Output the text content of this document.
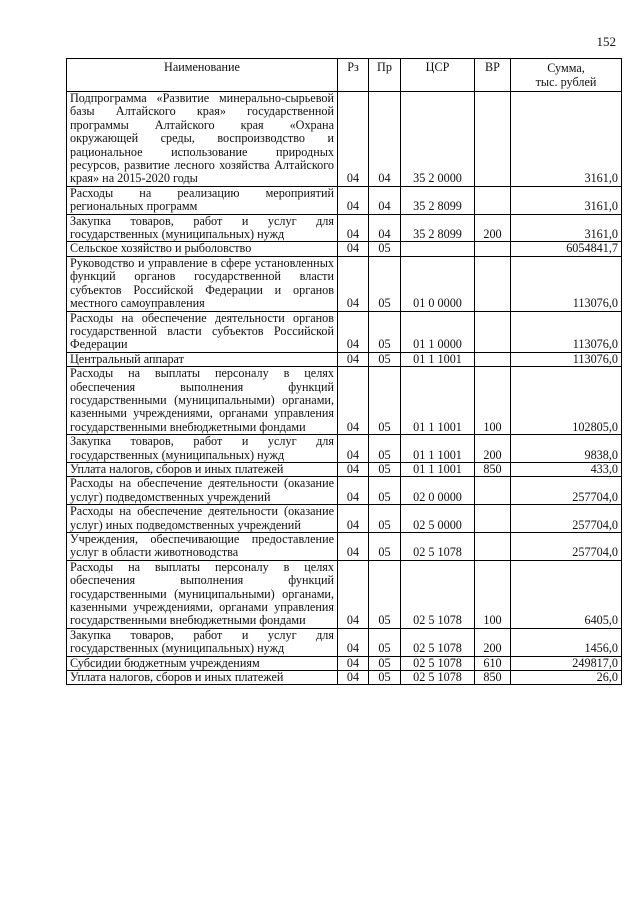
152
Наименование	Рз	Пр	ЦСР	ВР	Сумма,
тыс. рублей
Подпрограмма «Развитие минерально-сырьевой базы Алтайского края» государственной программы Алтайского края «Охрана окружающей среды, воспроизводство и рациональное использование природных ресурсов, развитие лесного хозяйства Алтайского края» на 2015-2020 годы	04	04	35 2 0000		3161,0
Расходы на реализацию мероприятий региональных программ	04	04	35 2 8099		3161,0
Закупка товаров, работ и услуг для государственных (муниципальных) нужд	04	04	35 2 8099	200	3161,0
Сельское хозяйство и рыболовство	04	05			6054841,7
Руководство и управление в сфере установленных функций органов государственной власти субъектов Российской Федерации и органов местного самоуправления	04	05	01 0 0000		113076,0
Расходы на обеспечение деятельности органов государственной власти субъектов Российской Федерации	04	05	01 1 0000		113076,0
Центральный аппарат	04	05	01 1 1001		113076,0
Расходы на выплаты персоналу в целях обеспечения выполнения функций государственными (муниципальными) органами, казенными учреждениями, органами управления государственными внебюджетными фондами	04	05	01 1 1001	100	102805,0
Закупка товаров, работ и услуг для государственных (муниципальных) нужд	04	05	01 1 1001	200	9838,0
Уплата налогов, сборов и иных платежей	04	05	01 1 1001	850	433,0
Расходы на обеспечение деятельности (оказание услуг) подведомственных учреждений	04	05	02 0 0000		257704,0
Расходы на обеспечение деятельности (оказание услуг) иных подведомственных учреждений	04	05	02 5 0000		257704,0
Учреждения, обеспечивающие предоставление услуг в области животноводства	04	05	02 5 1078		257704,0
Расходы на выплаты персоналу в целях обеспечения выполнения функций государственными (муниципальными) органами, казенными учреждениями, органами управления государственными внебюджетными фондами	04	05	02 5 1078	100	6405,0
Закупка товаров, работ и услуг для государственных (муниципальных) нужд	04	05	02 5 1078	200	1456,0
Субсидии бюджетным учреждениям	04	05	02 5 1078	610	249817,0
Уплата налогов, сборов и иных платежей	04	05	02 5 1078	850	26,0
